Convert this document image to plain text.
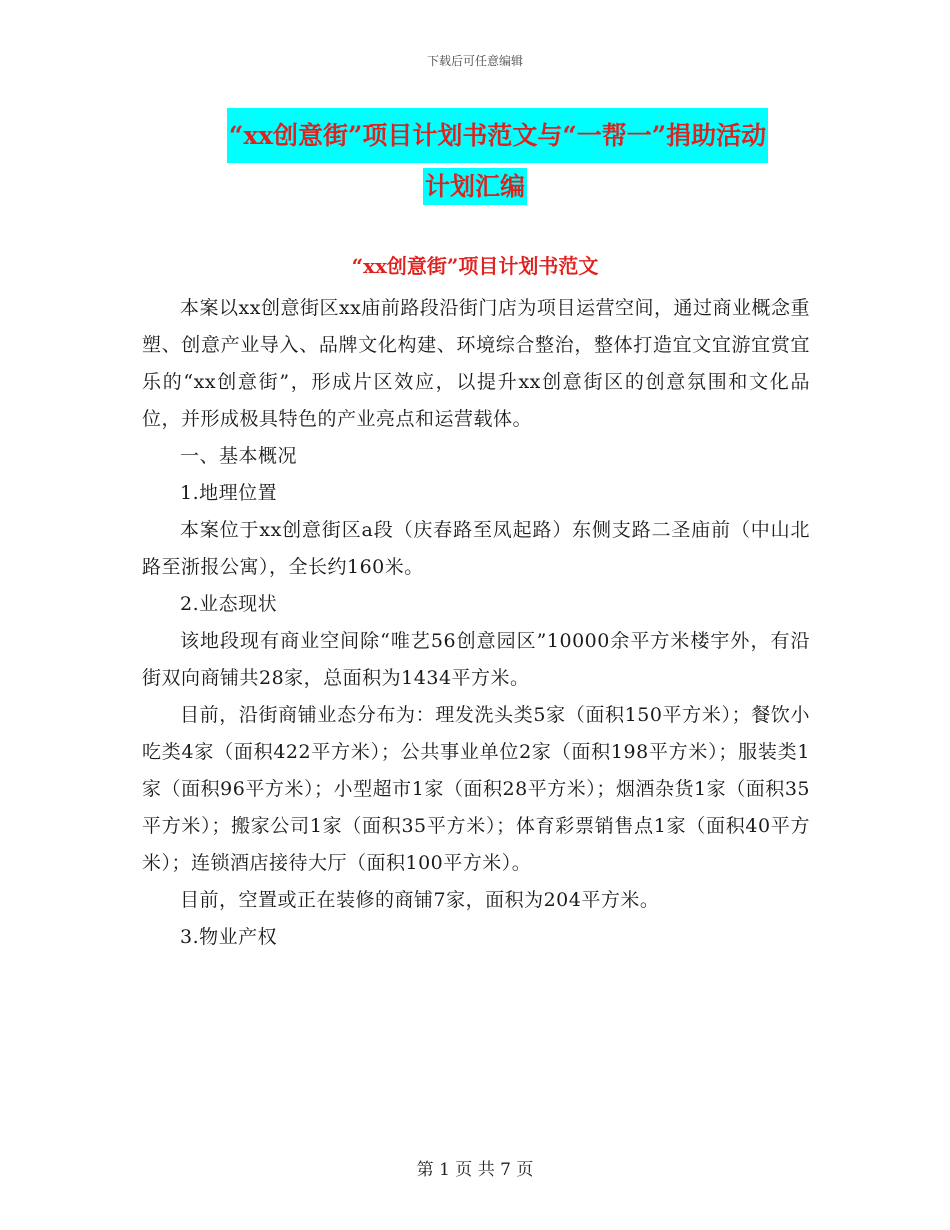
下载后可任意编辑
“xx创意街”项目计划书范文与“一帮一”捐助活动
计划汇编
“xx创意街”项目计划书范文

本案以xx创意街区xx庙前路段沿街门店为项目运营空间，通过商业概念重塑、创意产业导入、品牌文化构建、环境综合整治，整体打造宜文宜游宜赏宜乐的“xx创意街”，形成片区效应，以提升xx创意街区的创意氛围和文化品位，并形成极具特色的产业亮点和运营载体。

一、基本概况

1.地理位置

本案位于xx创意街区a段（庆春路至凤起路）东侧支路二圣庙前（中山北路至浙报公寓），全长约160米。

2.业态现状

该地段现有商业空间除“唯艺56创意园区”10000余平方米楼宇外，有沿街双向商铺共28家，总面积为1434平方米。

目前，沿街商铺业态分布为：理发洗头类5家（面积150平方米）；餐饮小吃类4家（面积422平方米）；公共事业单位2家（面积198平方米）；服装类1家（面积96平方米）；小型超市1家（面积28平方米）；烟酒杂货1家（面积35平方米）；搬家公司1家（面积35平方米）；体育彩票销售点1家（面积40平方米）；连锁酒店接待大厅（面积100平方米）。

目前，空置或正在装修的商铺7家，面积为204平方米。

3.物业产权

第 1 页 共 7 页
